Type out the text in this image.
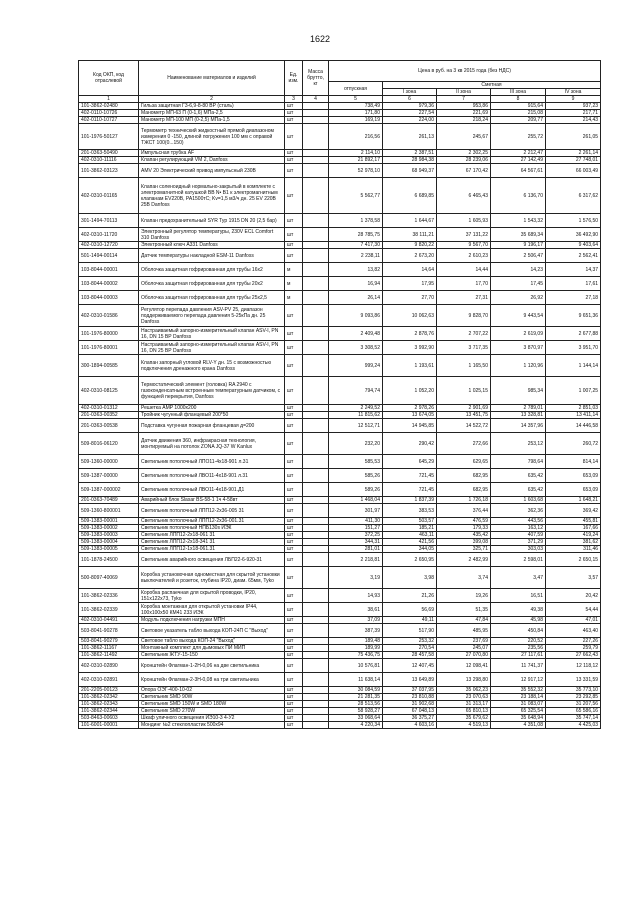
1622
Код ОКП, код отраслевой	Наименование материалов и изделий	Ед. изм.	Масса брутто, кг	Цена в руб. на 3 кв 2015 года (без НДС)				
				отпускная	Сметная			
					I зона	II зона	III зона	IV зона
1	2	3	4	5	6	7	8	9
101-3862-02480	Гильза защитная Г3-6,9-8-80 ВР (сталь)	шт		738,49	979,36	953,86	915,64	937,23
402-0110-10726	Манометр МП-63 П (0-1,6) МПа-2,5	шт		171,80	227,54	221,69	215,08	217,71
402-0110-10727	Манометр МП-100 МП (0-2,5) МПа-1,5	шт		169,19	224,00	218,24	209,77	214,43
101-1976-50127	Термометр технический жидкостный прямой диапазоном измерения 0 -150, длиной погружения 100 мм с оправой ТЖСТ 100(0...150)	шт		216,56	261,13	245,67	255,72	261,05
201-0363-50490	Импульсная трубка AF	шт		2 114,10	2 387,51	2 302,25	2 212,47	2 261,14
402-0310-11116	Клапан регулирующий VM 2, Danfoss	шт		21 892,17	28 984,38	28 239,06	27 142,49	27 748,01
101-3862-03123	AMV 20 Электрический привод импульсный 230В	шт		52 978,10	68 949,37	67 170,42	64 567,61	66 003,49
402-0310-01165	Клапан соленоидный нормально-закрытый в комплекте с электромагнитной катушкой BB N• В1 к электромагнитным клапанам EV220B, PA1500тС; Kv=1,5 м3/ч дн. 25 EV 220B 25B Danfoss	шт		5 562,77	6 689,85	6 465,43	6 136,70	6 317,62
301-1494-70113	Клапан предохранительный SYR Typ 1915 DN 20 (2,5 бар)	шт		1 378,58	1 644,67	1 605,93	1 543,32	1 576,50
402-0310-11720	Электронный регулятор температуры, 230V ECL Comfort 310 Danfoss	шт		28 785,75	38 111,21	37 131,22	35 689,34	36 492,90
402-0310-12720	Электронный ключ A331 Danfoss	шт		7 417,30	9 820,22	9 567,70	9 196,17	9 403,64
501-1494-00114	Датчик температуры накладной ESM-11 Danfoss	шт		2 238,11	2 673,20	2 610,23	2 506,47	2 562,41
103-8044-00001	Оболочка защитная гофрированная для трубы 16х2	м		13,82	14,64	14,44	14,23	14,37
103-8044-00002	Оболочка защитная гофрированная для трубы 20х2	м		16,94	17,95	17,70	17,45	17,61
103-8044-00003	Оболочка защитная гофрированная для трубы 25х2,5	м		26,14	27,70	27,31	26,92	27,18
402-0310-01586	Регулятор перепада давления ASV-PV 25, диапазон поддерживаемого перепада давления 5-25кПа дн. 25 Danfoss	шт		9 093,86	10 062,63	9 828,70	9 443,54	9 651,36
101-1976-80000	Настраиваемый запорно-измерительный клапан ASV-I, PN 16, DN 15 ВР Danfoss	шт		2 409,48	2 878,76	2 707,22	2 619,09	2 677,88
101-1976-80001	Настраиваемый запорно-измерительный клапан ASV-I, PN 16, DN 25 ВР Danfoss	шт		3 308,52	3 992,90	3 717,35	3 870,97	3 951,70
300-1894-00585	Клапан запорный угловой RLV-Y дн. 15 с возможностью подключения дренажного крана Danfoss	шт		999,24	1 193,61	1 165,50	1 120,96	1 144,14
402-0310-08125	Термостатический элемент (головка) RA 2940 с газоконденсатным встроенным температурным датчиком, с функцией перекрытия, Danfoss	шт		794,74	1 052,20	1 025,15	985,34	1 007,25
402-0310-01312	Решетка AMP 1000х200	шт		2 249,52	2 978,26	2 901,69	2 789,01	2 851,03
201-0363-00352	Тройник чугунный фланцевый 200*50	шт		11 815,62	13 674,05	13 451,75	13 328,81	13 411,14
201-0363-00538	Подставка чугунная пожарная фланцевая д=200	шт		12 512,71	14 945,85	14 522,72	14 357,96	14 446,58
509-8016-06120	Датчик движения 360, инфракрасная технология, монтируемый на потолок ZONA JQ-37 W Kanlux	шт		232,20	290,42	272,66	253,12	260,72
509-1360-00000	Светильник потолочный ЛПО11-4х18-901 л.31	шт		585,53	645,29	629,65	798,64	814,14
509-1387-00000	Светильник потолочный ЛВО11-4х18-901 л.31	шт		585,26	721,45	682,95	635,42	653,09
509-1387-000002	Светильник потолочный ЛВО11-4х18-901.Д1	шт		589,26	721,45	682,95	635,42	653,09
201-0363-70489	Аварийный блок Slasar BS-58-1 1ч 4-58вт	шт		1 468,04	1 837,39	1 726,18	1 603,68	1 648,21
509-1360-800001	Светильник потолочный ЛПП12-2х36-005 31	шт		301,97	383,53	376,44	362,36	369,42
509-1383-00001	Светильник потолочный ЛПП12-2х36-001.31	шт		411,30	503,57	476,59	443,56	455,81
509-1383-00002	Светильник потолочный НПБ130s ИЭК	шт		151,27	185,21	179,33	163,12	167,66
509-1383-00003	Светильник ЛПП12-2х18-061 31	шт		372,25	463,11	435,42	407,59	419,24
509-1383-00004	Светильник ЛПП12-2х18-341 31	шт		344,31	421,56	399,08	371,29	381,62
509-1383-00005	Светильник ЛПП12-1х18-061.31	шт		281,01	344,05	325,71	303,03	311,46
101-1878-24500	Светильник аварийного освещения ЛБП22-6-920-31	шт		2 218,81	2 650,95	2 482,99	2 598,01	2 650,15
500-8097-40069	Коробка установочная одноместная для скрытой установки выключателей и розеток, глубина IP20, диам. 65мм, Tyko	шт		3,19	3,98	3,74	3,47	3,57
101-3862-02336	Коробка распаечная для скрытой проводки, IP20, 151х122х73, Tyko	шт		14,93	21,26	19,26	16,51	20,42
101-3862-02339	Коробка монтажная для открытой установки IP44, 100х100х50 КМ41 233 ИЭК	шт		38,61	56,69	51,35	49,38	54,44
402-0310-04491	Модуль подключения нагрузки МПН	шт		37,09	49,11	47,84	45,98	47,01
503-8041-90278	Световое указатель табло выхода КОП-24П С "Выход"	шт		387,39	517,90	485,95	450,84	463,40
503-8041-90279	Световое табло выхода КОП-24 "Выход"	шт		189,48	253,32	237,69	220,52	227,26
101-3862-11167	Монтажный комплект для дымовых ПИ МИП	шт		189,99	270,54	245,07	235,56	259,79
101-3862-11492	Светильник ЖТУ-15-150	шт		75 436,75	28 457,58	27 070,80	27 117,61	27 662,43
402-0310-02890	Кронштейн Флагман-1-2Н-0,06 на две светильника	шт		10 576,81	12 407,45	12 098,41	11 741,37	12 118,12
402-0310-02891	Кронштейн Флагман-2-3Н-0,08 на три светильника	шт		11 638,14	13 649,89	13 298,80	12 917,12	13 331,59
201-2205-00123	Опора ОЭГ-400-10-02	шт		30 084,59	37 037,95	35 062,23	35 552,32	35 773,10
101-3862-02342	Светильник SMD 90W	шт		21 281,35	23 810,88	23 070,63	23 188,14	23 292,85
101-3862-02343	Светильник SMD 150W и SMD 180W	шт		28 513,56	31 902,68	31 313,17	31 083,07	31 207,56
101-3862-02344	Светильник SMD 270W	шт		58 928,27	67 048,13	65 810,13	65 325,54	65 586,16
503-8463-00603	Шкаф уличного освещения ИЭ10-3 4-У2	шт		33 068,64	36 375,27	35 679,62	35 648,94	35 747,14
101-6001-00001	Мондинг №2 стеклопластик 500х94	шт		4 220,34	4 603,16	4 519,13	4 351,08	4 425,03
